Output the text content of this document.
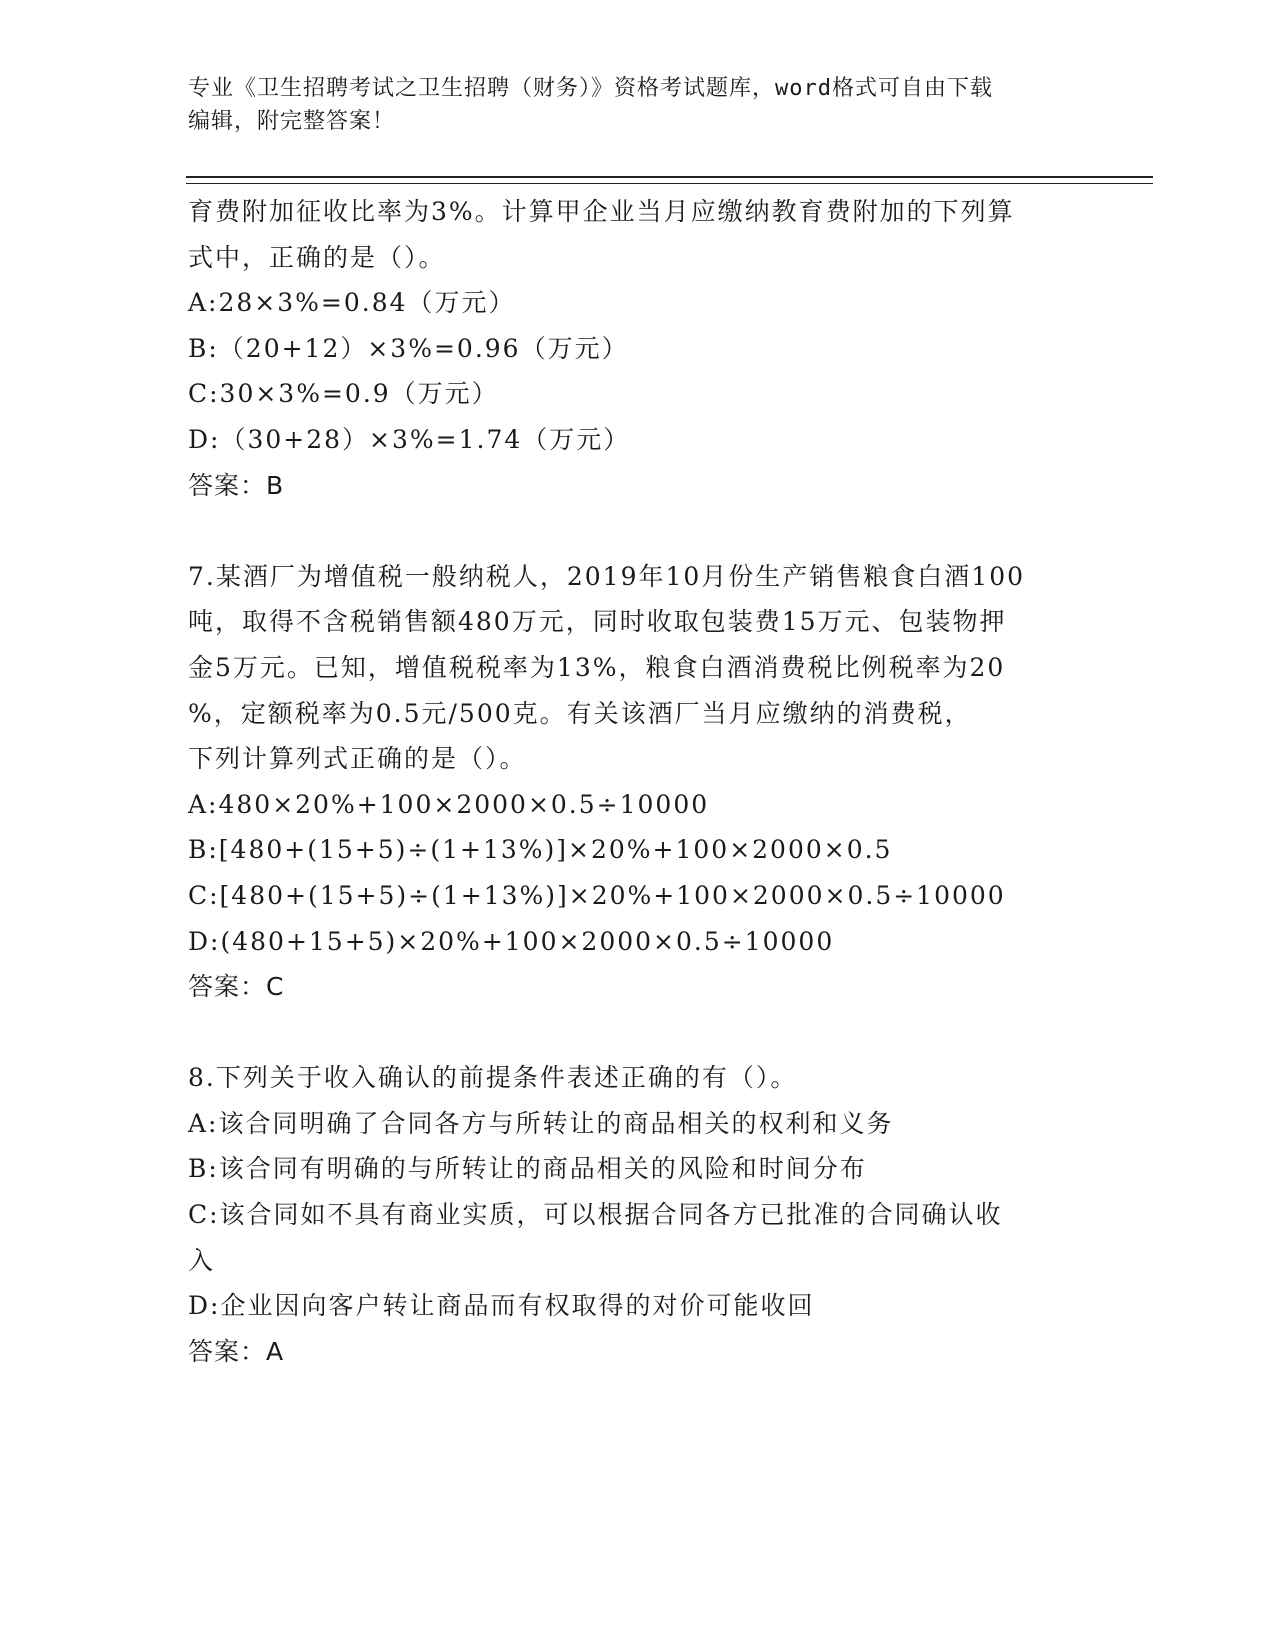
专业《卫生招聘考试之卫生招聘（财务）》资格考试题库，word格式可自由下载
编辑，附完整答案！
育费附加征收比率为3%。计算甲企业当月应缴纳教育费附加的下列算
式中，正确的是（）。
A:28×3%=0.84（万元）
B:（20+12）×3%=0.96（万元）
C:30×3%=0.9（万元）
D:（30+28）×3%=1.74（万元）
答案：B
7.某酒厂为增值税一般纳税人，2019年10月份生产销售粮食白酒100
吨，取得不含税销售额480万元，同时收取包装费15万元、包装物押
金5万元。已知，增值税税率为13%，粮食白酒消费税比例税率为20
%，定额税率为0.5元/500克。有关该酒厂当月应缴纳的消费税，
下列计算列式正确的是（）。
A:480×20%+100×2000×0.5÷10000
B:[480+(15+5)÷(1+13%)]×20%+100×2000×0.5
C:[480+(15+5)÷(1+13%)]×20%+100×2000×0.5÷10000
D:(480+15+5)×20%+100×2000×0.5÷10000
答案：C
8.下列关于收入确认的前提条件表述正确的有（）。
A:该合同明确了合同各方与所转让的商品相关的权利和义务
B:该合同有明确的与所转让的商品相关的风险和时间分布
C:该合同如不具有商业实质，可以根据合同各方已批准的合同确认收
入
D:企业因向客户转让商品而有权取得的对价可能收回
答案：A
